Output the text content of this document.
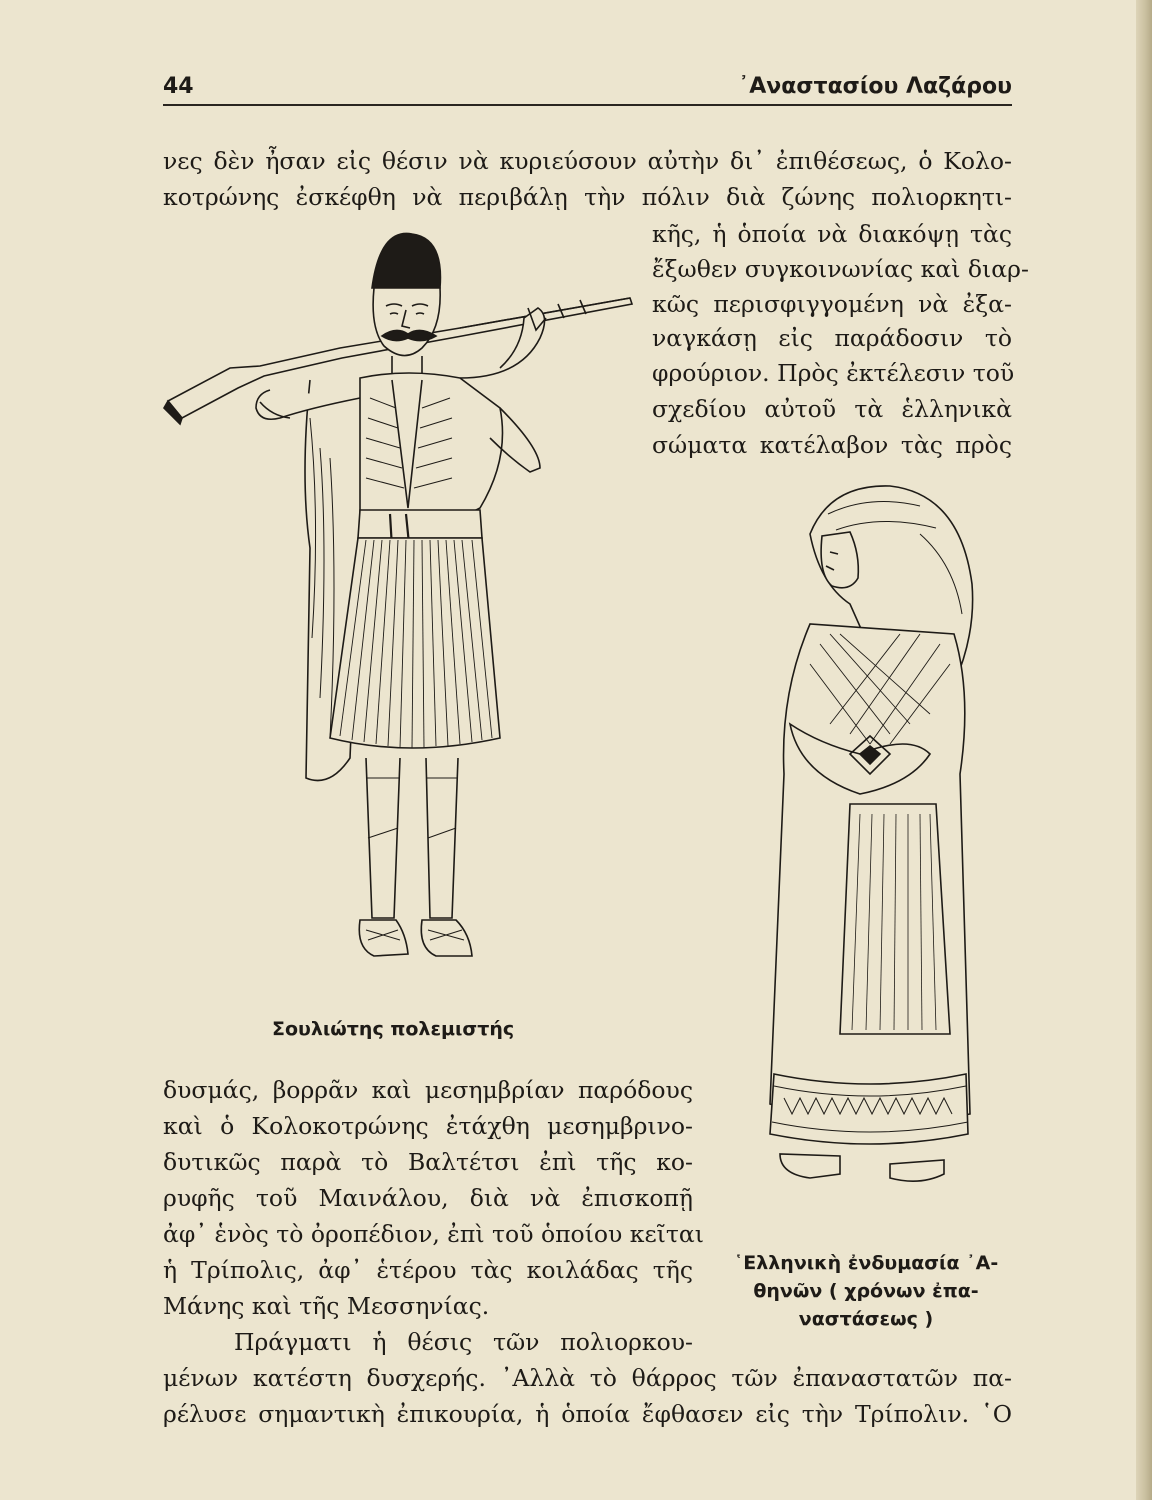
44	᾿Αναστασίου Λαζάρου
νες δὲν ἦσαν εἰς θέσιν νὰ κυριεύσουν αὐτὴν δι᾿ ἐπιθέσεως, ὁ Κολο-
κοτρώνης ἐσκέφθη νὰ περιβάλῃ τὴν πόλιν διὰ ζώνης πολιορκητι-
κῆς, ἡ ὁποία νὰ διακόψῃ τὰς
ἔξωθεν συγκοινωνίας καὶ διαρ-
κῶς περισφιγγομένη νὰ ἐξα-
ναγκάσῃ εἰς παράδοσιν τὸ
φρούριον. Πρὸς ἐκτέλεσιν τοῦ
σχεδίου αὐτοῦ τὰ ἑλληνικὰ
σώματα κατέλαβον τὰς πρὸς
Σουλιώτης πολεμιστής
δυσμάς, βορρᾶν καὶ μεσημβρίαν παρόδους
καὶ ὁ Κολοκοτρώνης ἐτάχθη μεσημβρινο-
δυτικῶς παρὰ τὸ Βαλτέτσι ἐπὶ τῆς κο-
ρυφῆς τοῦ Μαινάλου, διὰ νὰ ἐπισκοπῇ
ἀφ᾿ ἑνὸς τὸ ὀροπέδιον, ἐπὶ τοῦ ὁποίου κεῖται
ἡ Τρίπολις, ἀφ᾿ ἑτέρου τὰς κοιλάδας τῆς
Μάνης καὶ τῆς Μεσσηνίας.
Πράγματι ἡ θέσις τῶν πολιορκου-
῾Ελληνικὴ ἐνδυμασία ᾿Α-
θηνῶν ( χρόνων ἐπα-
ναστάσεως )
μένων κατέστη δυσχερής. ᾿Αλλὰ τὸ θάρρος τῶν ἐπαναστατῶν πα-
ρέλυσε σημαντικὴ ἐπικουρία, ἡ ὁποία ἔφθασεν εἰς τὴν Τρίπολιν. ῾Ο
